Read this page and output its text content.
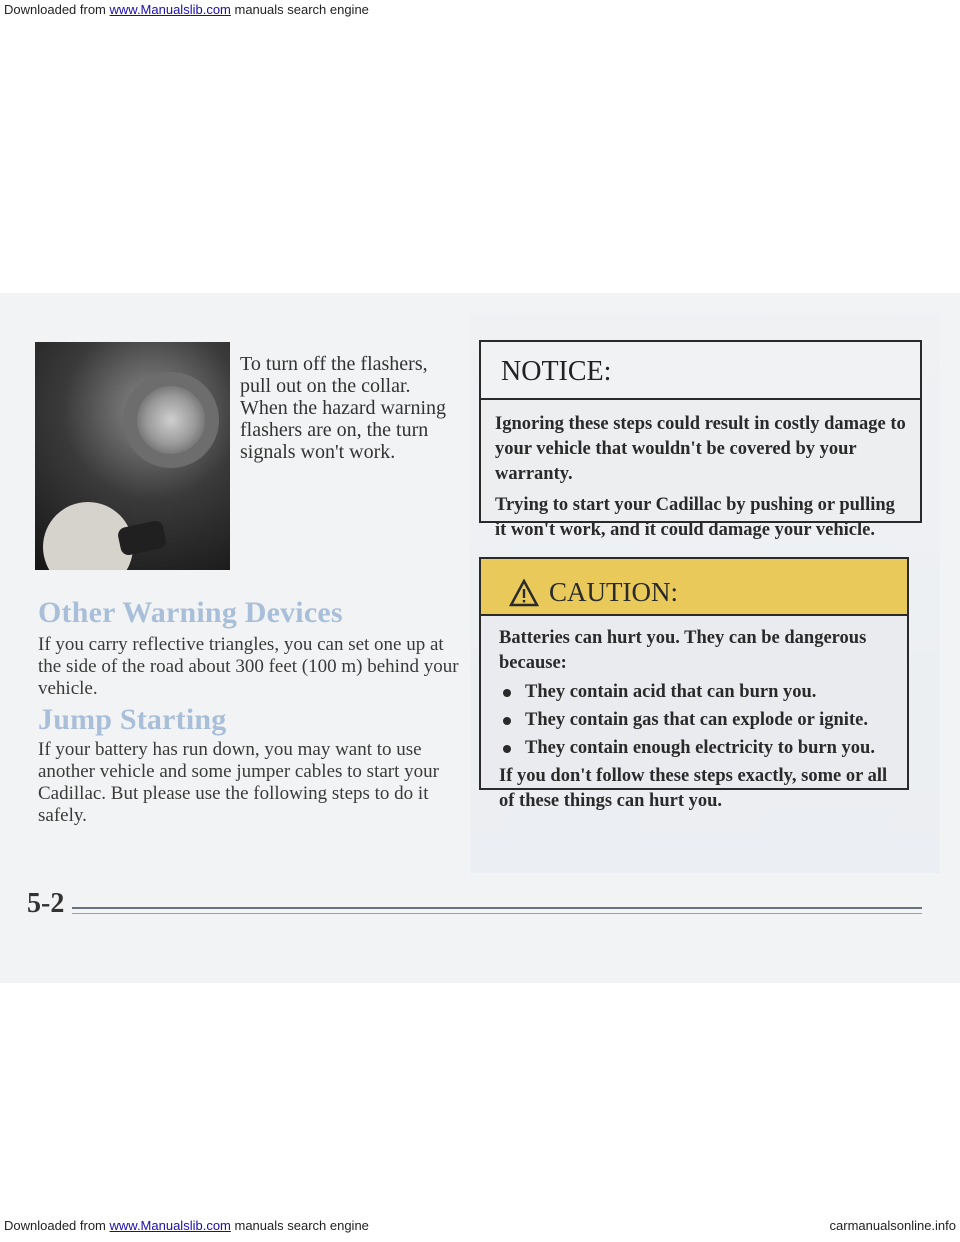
Downloaded from www.Manualslib.com manuals search engine
To turn off the flashers, pull out on the collar. When the hazard warning flashers are on, the turn signals won't work.
Other Warning Devices
If you carry reflective triangles, you can set one up at the side of the road about 300 feet (100 m) behind your vehicle.
Jump Starting
If your battery has run down, you may want to use another vehicle and some jumper cables to start your Cadillac. But please use the following steps to do it safely.
NOTICE:

Ignoring these steps could result in costly damage to your vehicle that wouldn't be covered by your warranty.

Trying to start your Cadillac by pushing or pulling it won't work, and it could damage your vehicle.

CAUTION:

Batteries can hurt you. They can be dangerous because:

They contain acid that can burn you.
They contain gas that can explode or ignite.
They contain enough electricity to burn you.

If you don't follow these steps exactly, some or all of these things can hurt you.

5-2
Downloaded from www.Manualslib.com manuals search engine	carmanualsonline.info
